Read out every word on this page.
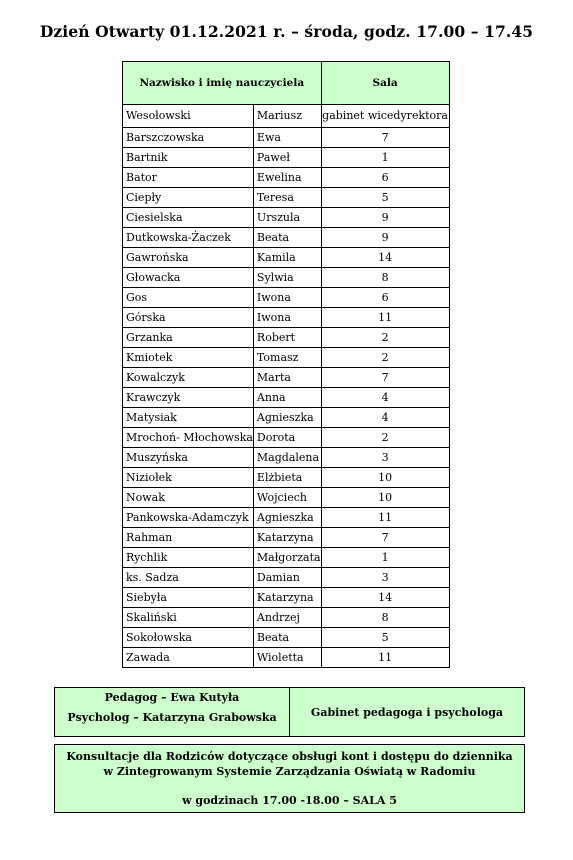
Dzień Otwarty 01.12.2021 r. – środa, godz. 17.00 – 17.45
Nazwisko i imię nauczyciela		Sala
Wesołowski	Mariusz	gabinet wicedyrektora
Barszczowska	Ewa	7
Bartnik	Paweł	1
Bator	Ewelina	6
Ciepły	Teresa	5
Ciesielska	Urszula	9
Dutkowska-Żaczek	Beata	9
Gawrońska	Kamila	14
Głowacka	Sylwia	8
Gos	Iwona	6
Górska	Iwona	11
Grzanka	Robert	2
Kmiotek	Tomasz	2
Kowalczyk	Marta	7
Krawczyk	Anna	4
Matysiak	Agnieszka	4
Mrochoń- Młochowska	Dorota	2
Muszyńska	Magdalena	3
Niziołek	Elżbieta	10
Nowak	Wojciech	10
Pankowska-Adamczyk	Agnieszka	11
Rahman	Katarzyna	7
Rychlik	Małgorzata	1
ks. Sadza	Damian	3
Siebyła	Katarzyna	14
Skaliński	Andrzej	8
Sokołowska	Beata	5
Zawada	Wioletta	11
Pedagog – Ewa Kutyła
Psycholog – Katarzyna Grabowska	Gabinet pedagoga i psychologa
Konsultacje dla Rodziców dotyczące obsługi kont i dostępu do dziennika
w Zintegrowanym Systemie Zarządzania Oświatą w Radomiu
w godzinach 17.00 -18.00 – SALA 5
